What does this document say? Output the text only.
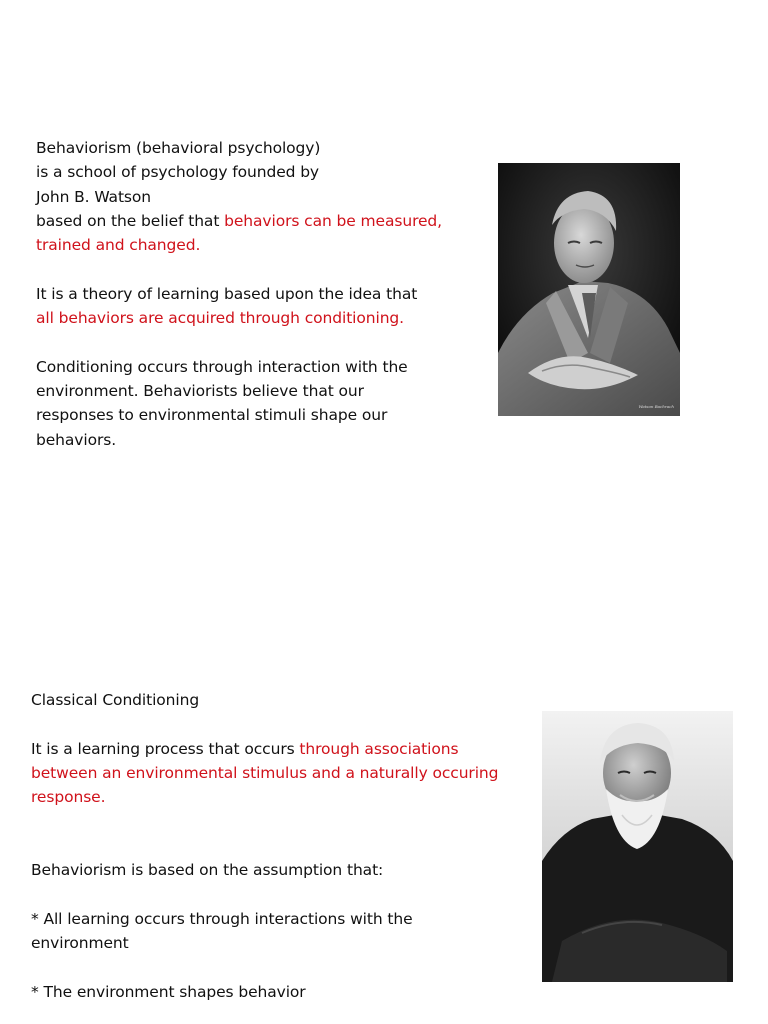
Behaviorism (behavioral psychology)

is a school of psychology founded by

John B. Watson

based on the belief that behaviors can be measured,

trained and changed.

It is a theory of learning based upon the idea that

all behaviors are acquired through conditioning.

Conditioning occurs through interaction with the

environment. Behaviorists believe that our

responses to environmental stimuli shape our

behaviors.

Watson Bachrach

Classical Conditioning

It is a learning process that occurs through associations

between an environmental stimulus and a naturally occuring

response.

Behaviorism is based on the assumption that:

* All learning occurs through interactions with the

environment

* The environment shapes behavior
